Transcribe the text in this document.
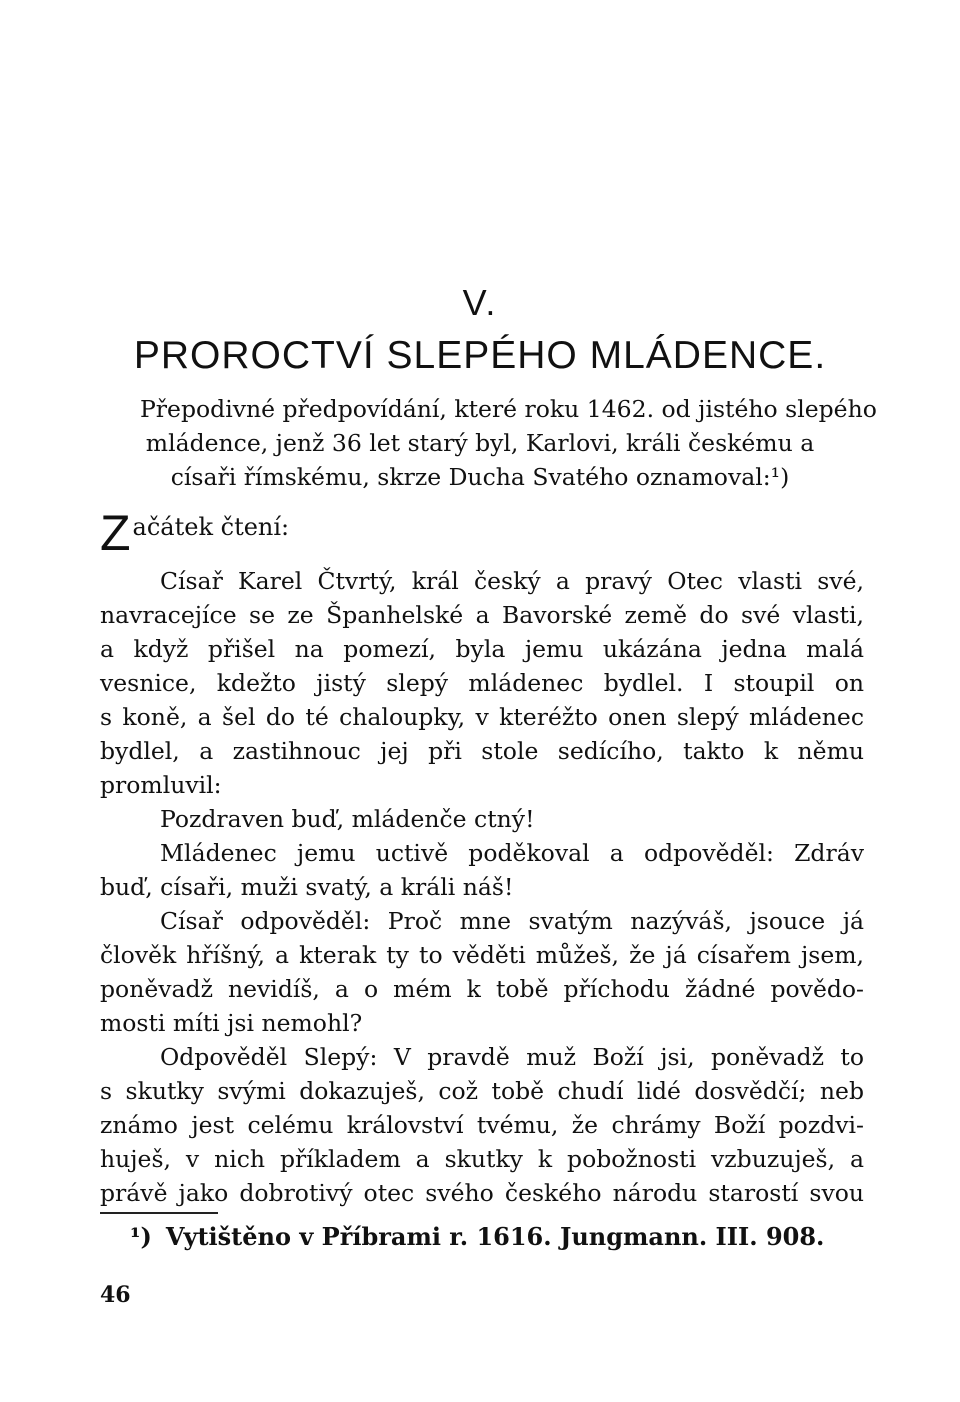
V.
PROROCTVÍ SLEPÉHO MLÁDENCE.
Přepodivné předpovídání, které roku 1462. od jistého slepého
mládence, jenž 36 let starý byl, Karlovi, králi českému a
císaři římskému, skrze Ducha Svatého oznamoval:¹)
Začátek čtení:
Císař Karel Čtvrtý, král český a pravý Otec vlasti své,
navracejíce se ze Španhelské a Bavorské země do své vlasti,
a když přišel na pomezí, byla jemu ukázána jedna malá
vesnice, kdežto jistý slepý mládenec bydlel. I stoupil on
s koně, a šel do té chaloupky, v kteréžto onen slepý mládenec
bydlel, a zastihnouc jej při stole sedícího, takto k němu
promluvil:
Pozdraven buď, mládenče ctný!
Mládenec jemu uctivě poděkoval a odpověděl: Zdráv
buď, císaři, muži svatý, a králi náš!
Císař odpověděl: Proč mne svatým nazýváš, jsouce já
člověk hříšný, a kterak ty to věděti můžeš, že já císařem jsem,
poněvadž nevidíš, a o mém k tobě příchodu žádné povědo-
mosti míti jsi nemohl?
Odpověděl Slepý: V pravdě muž Boží jsi, poněvadž to
s skutky svými dokazuješ, což tobě chudí lidé dosvědčí; neb
známo jest celému království tvému, že chrámy Boží pozdvi-
huješ, v nich příkladem a skutky k pobožnosti vzbuzuješ, a
právě jako dobrotivý otec svého českého národu starostí svou
¹) Vytištěno v Příbrami r. 1616. Jungmann. III. 908.
46
